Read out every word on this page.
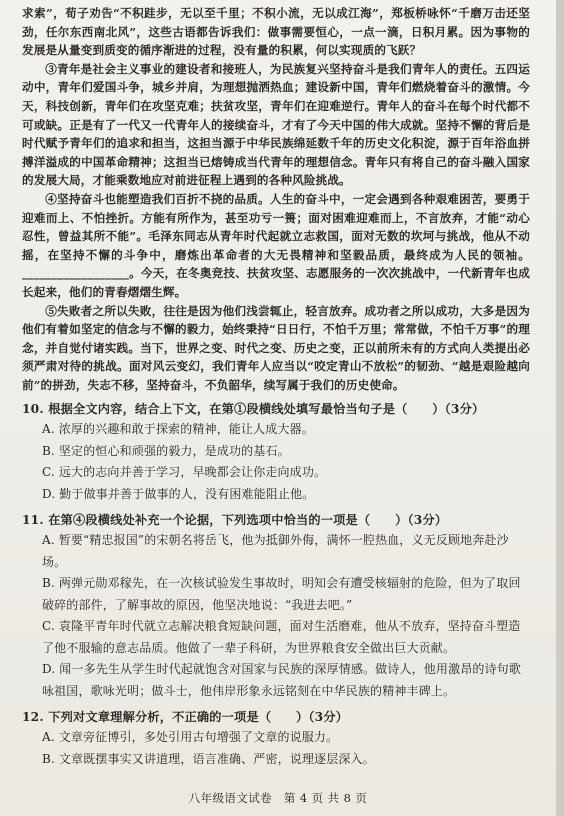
求索”，荀子劝告“不积跬步，无以至千里；不积小流，无以成江海”，郑板桥咏怀“千磨万击还坚劲，任尔东西南北风”，这些古语都告诉我们：做事需要恒心，一点一滴，日积月累。因为事物的发展是从量变到质变的循序渐进的过程，没有量的积累，何以实现质的飞跃？

③青年是社会主义事业的建设者和接班人，为民族复兴坚持奋斗是我们青年人的责任。五四运动中，青年们爱国斗争，城乡并肩，为理想抛洒热血；建设新中国，青年们燃烧着奋斗的激情。今天，科技创新，青年们在攻坚克难；扶贫攻坚，青年们在迎难逆行。青年人的奋斗在每个时代都不可或缺。正是有了一代又一代青年人的接续奋斗，才有了今天中国的伟大成就。坚持不懈的背后是时代赋予青年们的追求和担当，这担当源于中华民族绵延数千年的历史文化积淀，源于百年浴血拼搏洋溢成的中国革命精神；这担当已熔铸成当代青年的理想信念。青年只有将自己的奋斗融入国家的发展大局，才能乘数地应对前进征程上遇到的各种风险挑战。

④坚持奋斗也能塑造我们百折不挠的品质。人生的奋斗中，一定会遇到各种艰难困苦，要勇于迎难而上、不怕挫折。方能有所作为，甚至功亏一篑；面对困难迎难而上，不言放弃，才能“动心忍性，曾益其所不能”。毛泽东同志从青年时代起就立志救国，面对无数的坎坷与挑战，他从不动摇，在坚持不懈的斗争中，磨炼出革命者的大无畏精神和坚毅品质，最终成为人民的领袖。__________________。今天，在冬奥竞技、扶贫攻坚、志愿服务的一次次挑战中，一代新青年也成长起来，他们的青春熠熠生辉。

⑤失败者之所以失败，往往是因为他们浅尝辄止，轻言放弃。成功者之所以成功，大多是因为他们有着如坚定的信念与不懈的毅力，始终秉持“日日行，不怕千万里；常常做，不怕千万事”的理念，并自觉付诸实践。当下，世界之变、时代之变、历史之变，正以前所未有的方式向人类提出必须严肃对待的挑战。面对风云变幻，我们青年人应当以“咬定青山不放松”的韧劲、“越是艰险越向前”的拼劲，失志不移，坚持奋斗，不负韶华，续写属于我们的历史使命。

10. 根据全文内容，结合上下文，在第①段横线处填写最恰当句子是（　　）（3分）

A. 浓厚的兴趣和敢于探索的精神，能让人成大器。

B. 坚定的恒心和顽强的毅力，是成功的基石。

C. 远大的志向并善于学习，早晚都会让你走向成功。

D. 勤于做事并善于做事的人，没有困难能阻止他。

11. 在第④段横线处补充一个论据，下列选项中恰当的一项是（　　）（3分）

A. 暂要“精忠报国”的宋朝名将岳飞，他为抵御外侮，满怀一腔热血，义无反顾地奔赴沙场。

B. 两弹元勋邓稼先，在一次核试验发生事故时，明知会有遭受核辐射的危险，但为了取回破碎的部件，了解事故的原因，他坚决地说：“我进去吧。”

C. 袁隆平青年时代就立志解决粮食短缺问题，面对生活磨难，他从不放弃，坚持奋斗塑造了他不服输的意志品质。他做了一辈子科研，为世界粮食安全做出巨大贡献。

D. 闻一多先生从学生时代起就饱含对国家与民族的深厚情感。做诗人，他用激昂的诗句歌咏祖国，歌咏光明；做斗士，他伟岸形象永远铭刻在中华民族的精神丰碑上。

12. 下列对文章理解分析，不正确的一项是（　　）（3分）

A. 文章旁征博引，多处引用古句增强了文章的说服力。

B. 文章既摆事实又讲道理，语言准确、严密，说理逐层深入。

八年级语文试卷　第 4 页 共 8 页
